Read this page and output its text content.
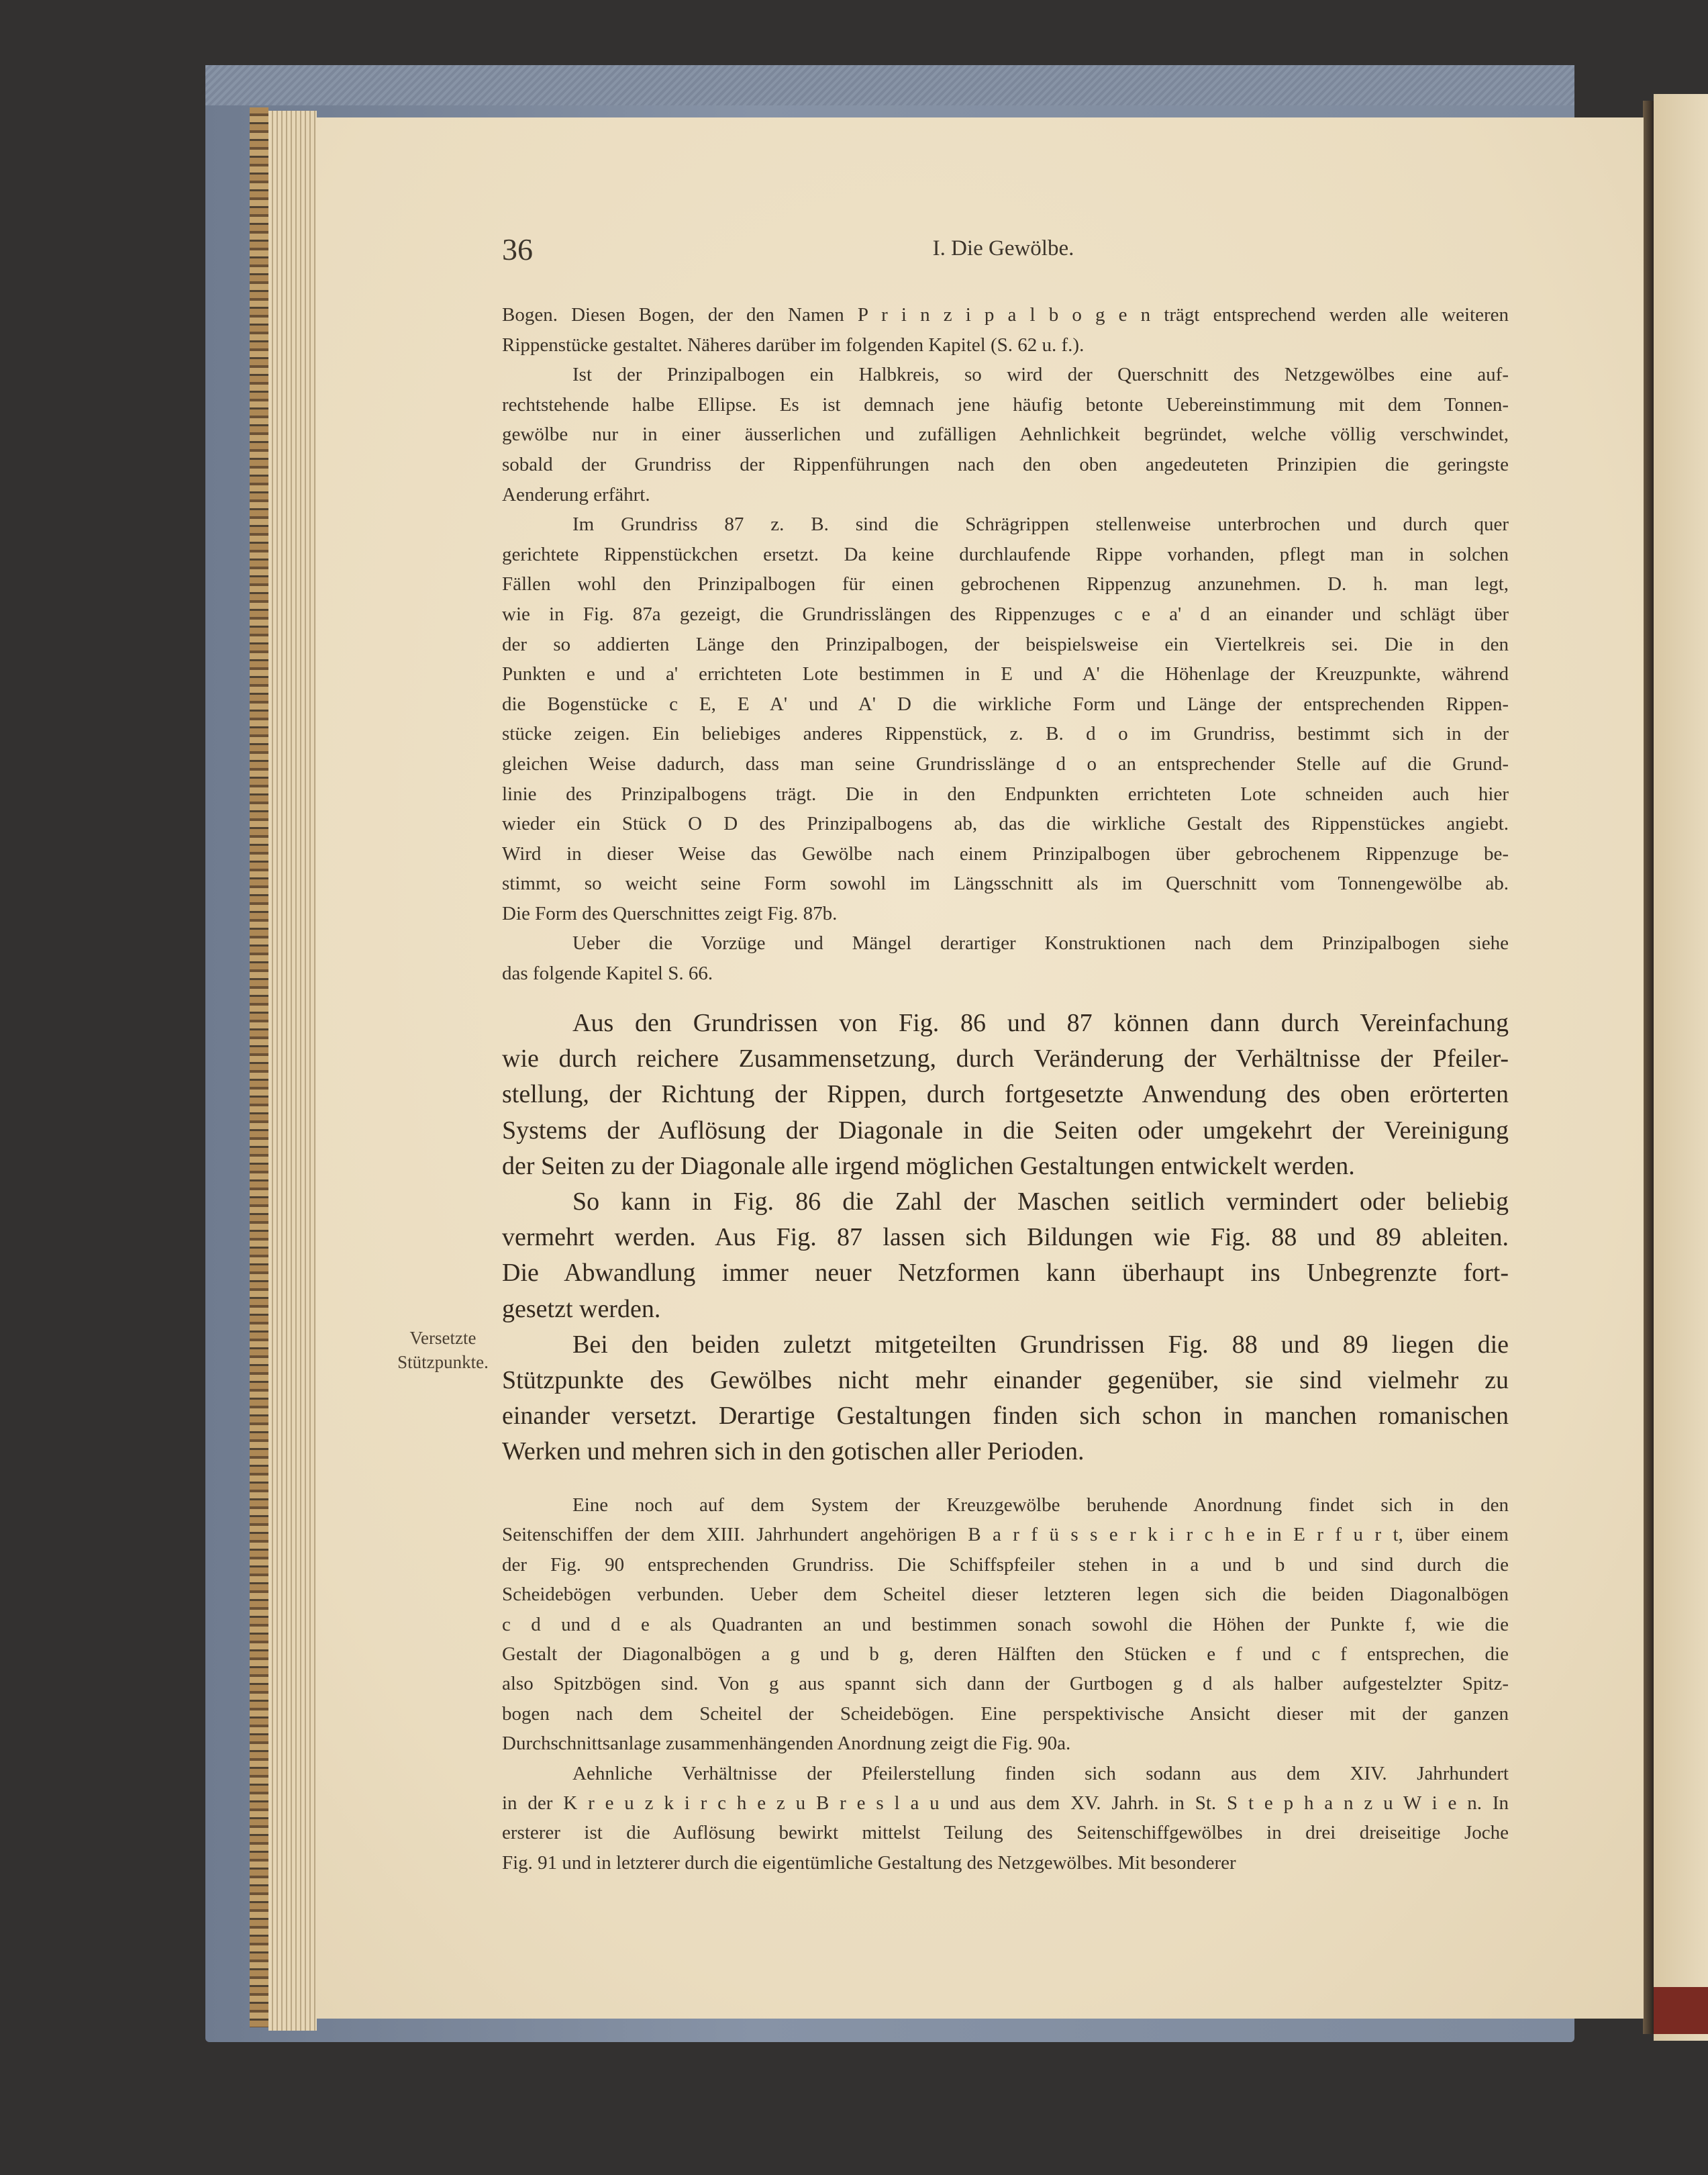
36	I. Die Gewölbe.
Versetzte
Stützpunkte.
Bogen. Diesen Bogen, der den Namen P r i n z i p a l b o g e n trägt entsprechend werden alle weiteren
Rippenstücke gestaltet. Näheres darüber im folgenden Kapitel (S. 62 u. f.).
Ist der Prinzipalbogen ein Halbkreis, so wird der Querschnitt des Netzgewölbes eine auf-
rechtstehende halbe Ellipse. Es ist demnach jene häufig betonte Uebereinstimmung mit dem Tonnen-
gewölbe nur in einer äusserlichen und zufälligen Aehnlichkeit begründet, welche völlig verschwindet,
sobald der Grundriss der Rippenführungen nach den oben angedeuteten Prinzipien die geringste
Aenderung erfährt.
Im Grundriss 87 z. B. sind die Schrägrippen stellenweise unterbrochen und durch quer
gerichtete Rippenstückchen ersetzt. Da keine durchlaufende Rippe vorhanden, pflegt man in solchen
Fällen wohl den Prinzipalbogen für einen gebrochenen Rippenzug anzunehmen. D. h. man legt,
wie in Fig. 87a gezeigt, die Grundrisslängen des Rippenzuges c e a' d an einander und schlägt über
der so addierten Länge den Prinzipalbogen, der beispielsweise ein Viertelkreis sei. Die in den
Punkten e und a' errichteten Lote bestimmen in E und A' die Höhenlage der Kreuzpunkte, während
die Bogenstücke c E, E A' und A' D die wirkliche Form und Länge der entsprechenden Rippen-
stücke zeigen. Ein beliebiges anderes Rippenstück, z. B. d o im Grundriss, bestimmt sich in der
gleichen Weise dadurch, dass man seine Grundrisslänge d o an entsprechender Stelle auf die Grund-
linie des Prinzipalbogens trägt. Die in den Endpunkten errichteten Lote schneiden auch hier
wieder ein Stück O D des Prinzipalbogens ab, das die wirkliche Gestalt des Rippenstückes angiebt.
Wird in dieser Weise das Gewölbe nach einem Prinzipalbogen über gebrochenem Rippenzuge be-
stimmt, so weicht seine Form sowohl im Längsschnitt als im Querschnitt vom Tonnengewölbe ab.
Die Form des Querschnittes zeigt Fig. 87b.
Ueber die Vorzüge und Mängel derartiger Konstruktionen nach dem Prinzipalbogen siehe
das folgende Kapitel S. 66.
Aus den Grundrissen von Fig. 86 und 87 können dann durch Vereinfachung
wie durch reichere Zusammensetzung, durch Veränderung der Verhältnisse der Pfeiler-
stellung, der Richtung der Rippen, durch fortgesetzte Anwendung des oben erörterten
Systems der Auflösung der Diagonale in die Seiten oder umgekehrt der Vereinigung
der Seiten zu der Diagonale alle irgend möglichen Gestaltungen entwickelt werden.
So kann in Fig. 86 die Zahl der Maschen seitlich vermindert oder beliebig
vermehrt werden. Aus Fig. 87 lassen sich Bildungen wie Fig. 88 und 89 ableiten.
Die Abwandlung immer neuer Netzformen kann überhaupt ins Unbegrenzte fort-
gesetzt werden.
Bei den beiden zuletzt mitgeteilten Grundrissen Fig. 88 und 89 liegen die
Stützpunkte des Gewölbes nicht mehr einander gegenüber, sie sind vielmehr zu
einander versetzt. Derartige Gestaltungen finden sich schon in manchen romanischen
Werken und mehren sich in den gotischen aller Perioden.
Eine noch auf dem System der Kreuzgewölbe beruhende Anordnung findet sich in den
Seitenschiffen der dem XIII. Jahrhundert angehörigen B a r f ü s s e r k i r c h e in E r f u r t, über einem
der Fig. 90 entsprechenden Grundriss. Die Schiffspfeiler stehen in a und b und sind durch die
Scheidebögen verbunden. Ueber dem Scheitel dieser letzteren legen sich die beiden Diagonalbögen
c d und d e als Quadranten an und bestimmen sonach sowohl die Höhen der Punkte f, wie die
Gestalt der Diagonalbögen a g und b g, deren Hälften den Stücken e f und c f entsprechen, die
also Spitzbögen sind. Von g aus spannt sich dann der Gurtbogen g d als halber aufgestelzter Spitz-
bogen nach dem Scheitel der Scheidebögen. Eine perspektivische Ansicht dieser mit der ganzen
Durchschnittsanlage zusammenhängenden Anordnung zeigt die Fig. 90a.
Aehnliche Verhältnisse der Pfeilerstellung finden sich sodann aus dem XIV. Jahrhundert
in der K r e u z k i r c h e z u B r e s l a u und aus dem XV. Jahrh. in St. S t e p h a n z u W i e n. In
ersterer ist die Auflösung bewirkt mittelst Teilung des Seitenschiffgewölbes in drei dreiseitige Joche
Fig. 91 und in letzterer durch die eigentümliche Gestaltung des Netzgewölbes. Mit besonderer
